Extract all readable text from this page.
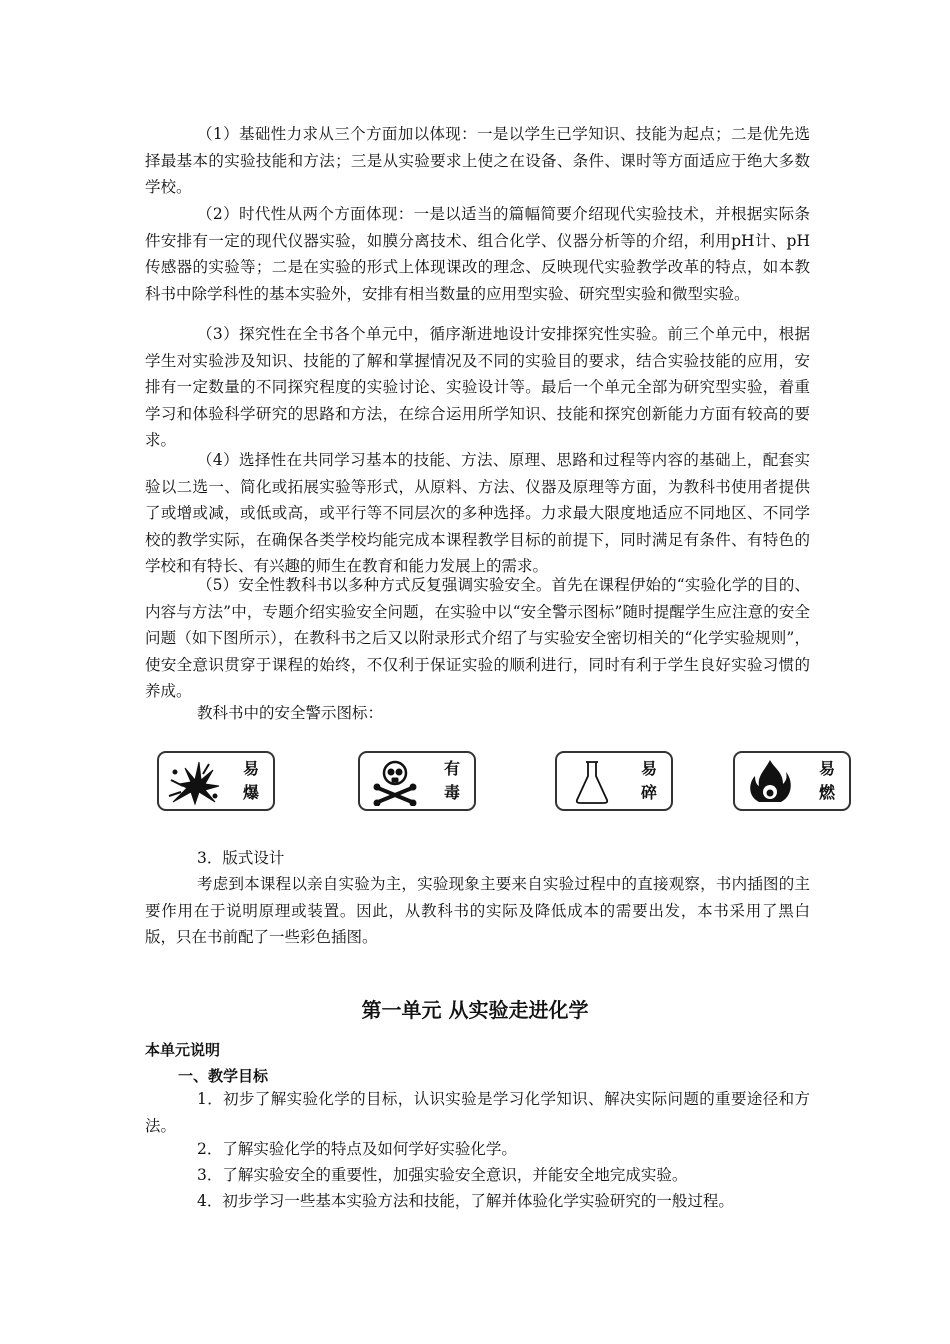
（1）基础性力求从三个方面加以体现：一是以学生已学知识、技能为起点；二是优先选择最基本的实验技能和方法；三是从实验要求上使之在设备、条件、课时等方面适应于绝大多数学校。

（2）时代性从两个方面体现：一是以适当的篇幅简要介绍现代实验技术，并根据实际条件安排有一定的现代仪器实验，如膜分离技术、组合化学、仪器分析等的介绍，利用pH计、pH传感器的实验等；二是在实验的形式上体现课改的理念、反映现代实验教学改革的特点，如本教科书中除学科性的基本实验外，安排有相当数量的应用型实验、研究型实验和微型实验。

（3）探究性在全书各个单元中，循序渐进地设计安排探究性实验。前三个单元中，根据学生对实验涉及知识、技能的了解和掌握情况及不同的实验目的要求，结合实验技能的应用，安排有一定数量的不同探究程度的实验讨论、实验设计等。最后一个单元全部为研究型实验，着重学习和体验科学研究的思路和方法，在综合运用所学知识、技能和探究创新能力方面有较高的要求。

（4）选择性在共同学习基本的技能、方法、原理、思路和过程等内容的基础上，配套实验以二选一、简化或拓展实验等形式，从原料、方法、仪器及原理等方面，为教科书使用者提供了或增或减，或低或高，或平行等不同层次的多种选择。力求最大限度地适应不同地区、不同学校的教学实际，在确保各类学校均能完成本课程教学目标的前提下，同时满足有条件、有特色的学校和有特长、有兴趣的师生在教育和能力发展上的需求。

（5）安全性教科书以多种方式反复强调实验安全。首先在课程伊始的“实验化学的目的、内容与方法”中，专题介绍实验安全问题，在实验中以“安全警示图标”随时提醒学生应注意的安全问题（如下图所示），在教科书之后又以附录形式介绍了与实验安全密切相关的“化学实验规则”，使安全意识贯穿于课程的始终，不仅利于保证实验的顺利进行，同时有利于学生良好实验习惯的养成。

教科书中的安全警示图标：

易
爆
有
毒
易
碎
易
燃

3．版式设计

考虑到本课程以亲自实验为主，实验现象主要来自实验过程中的直接观察，书内插图的主要作用在于说明原理或装置。因此，从教科书的实际及降低成本的需要出发，本书采用了黑白版，只在书前配了一些彩色插图。

第一单元 从实验走进化学
本单元说明
一、教学目标

1．初步了解实验化学的目标，认识实验是学习化学知识、解决实际问题的重要途径和方法。

2．了解实验化学的特点及如何学好实验化学。

3．了解实验安全的重要性，加强实验安全意识，并能安全地完成实验。

4．初步学习一些基本实验方法和技能，了解并体验化学实验研究的一般过程。
